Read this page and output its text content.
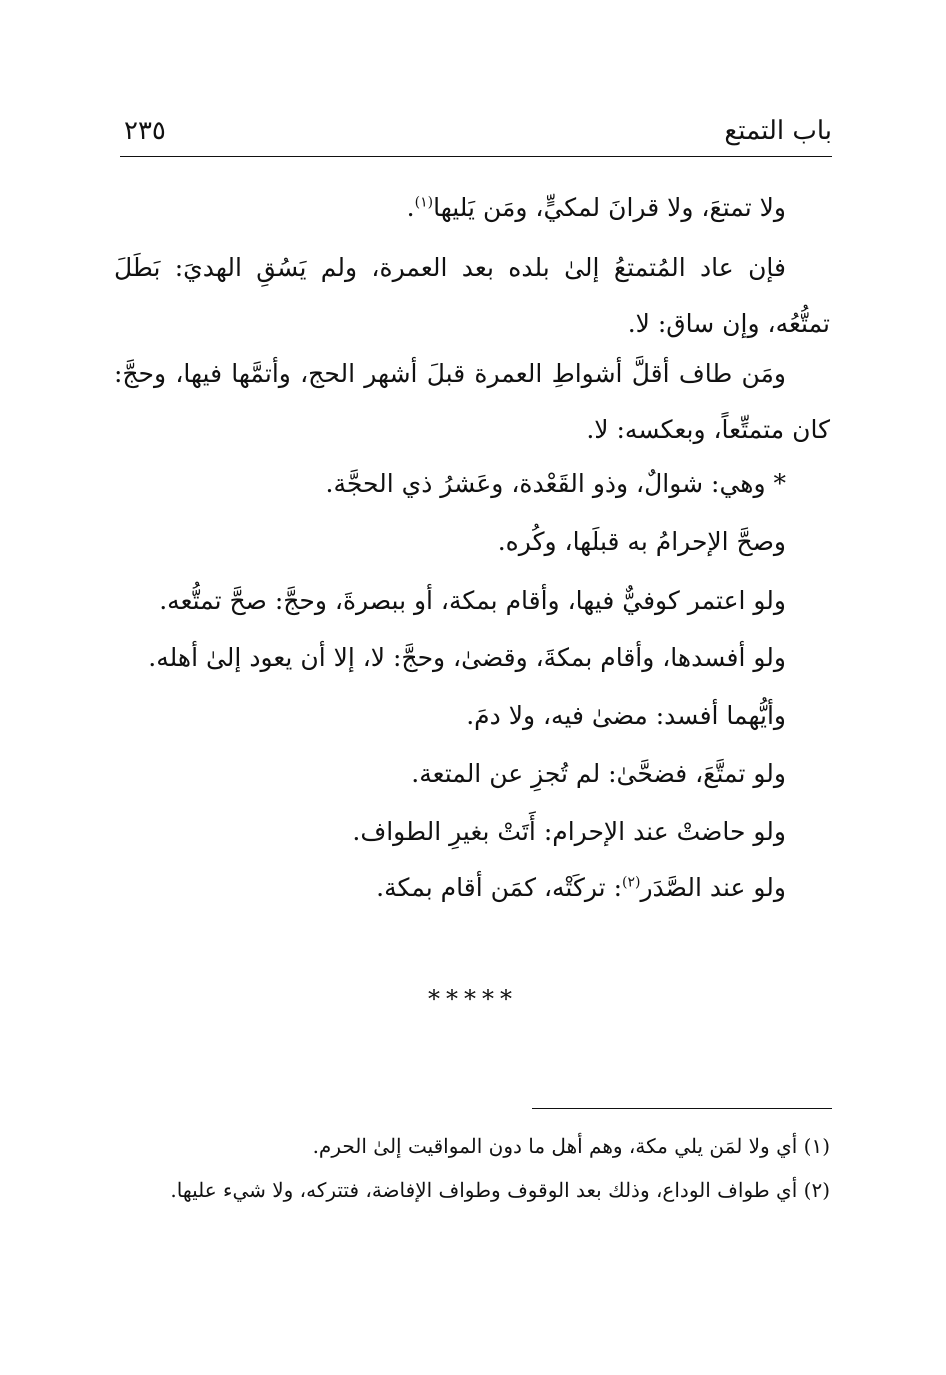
باب التمتع
٢٣٥

ولا تمتعَ، ولا قرانَ لمكيٍّ، ومَن يَليها$^{(١)}$.

فإن عاد المُتمتعُ إلىٰ بلده بعد العمرة، ولم يَسُقِ الهديَ: بَطَلَ تمتُّعُه، وإن ساق: لا.

ومَن طاف أقلَّ أشواطِ العمرة قبلَ أشهر الحج، وأتمَّها فيها، وحجَّ: كان متمتِّعاً، وبعكسه: لا.

* وهي: شوالٌ، وذو القَعْدة، وعَشرُ ذي الحجَّة.

وصحَّ الإحرامُ به قبلَها، وكُره.

ولو اعتمر كوفيٌّ فيها، وأقام بمكة، أو ببصرةَ، وحجَّ: صحَّ تمتُّعه.

ولو أفسدها، وأقام بمكةَ، وقضىٰ، وحجَّ: لا، إلا أن يعود إلىٰ أهله.

وأيُّهما أفسد: مضىٰ فيه، ولا دمَ.

ولو تمتَّعَ، فضحَّىٰ: لم تُجزِ عن المتعة.

ولو حاضتْ عند الإحرام: أَتَتْ بغيرِ الطواف.

ولو عند الصَّدَر$^{(٢)}$: تركَتْه، كمَن أقام بمكة.

*****

(١) أي ولا لمَن يلي مكة، وهم أهل ما دون المواقيت إلىٰ الحرم.

(٢) أي طواف الوداع، وذلك بعد الوقوف وطواف الإفاضة، فتتركه، ولا شيء عليها.
